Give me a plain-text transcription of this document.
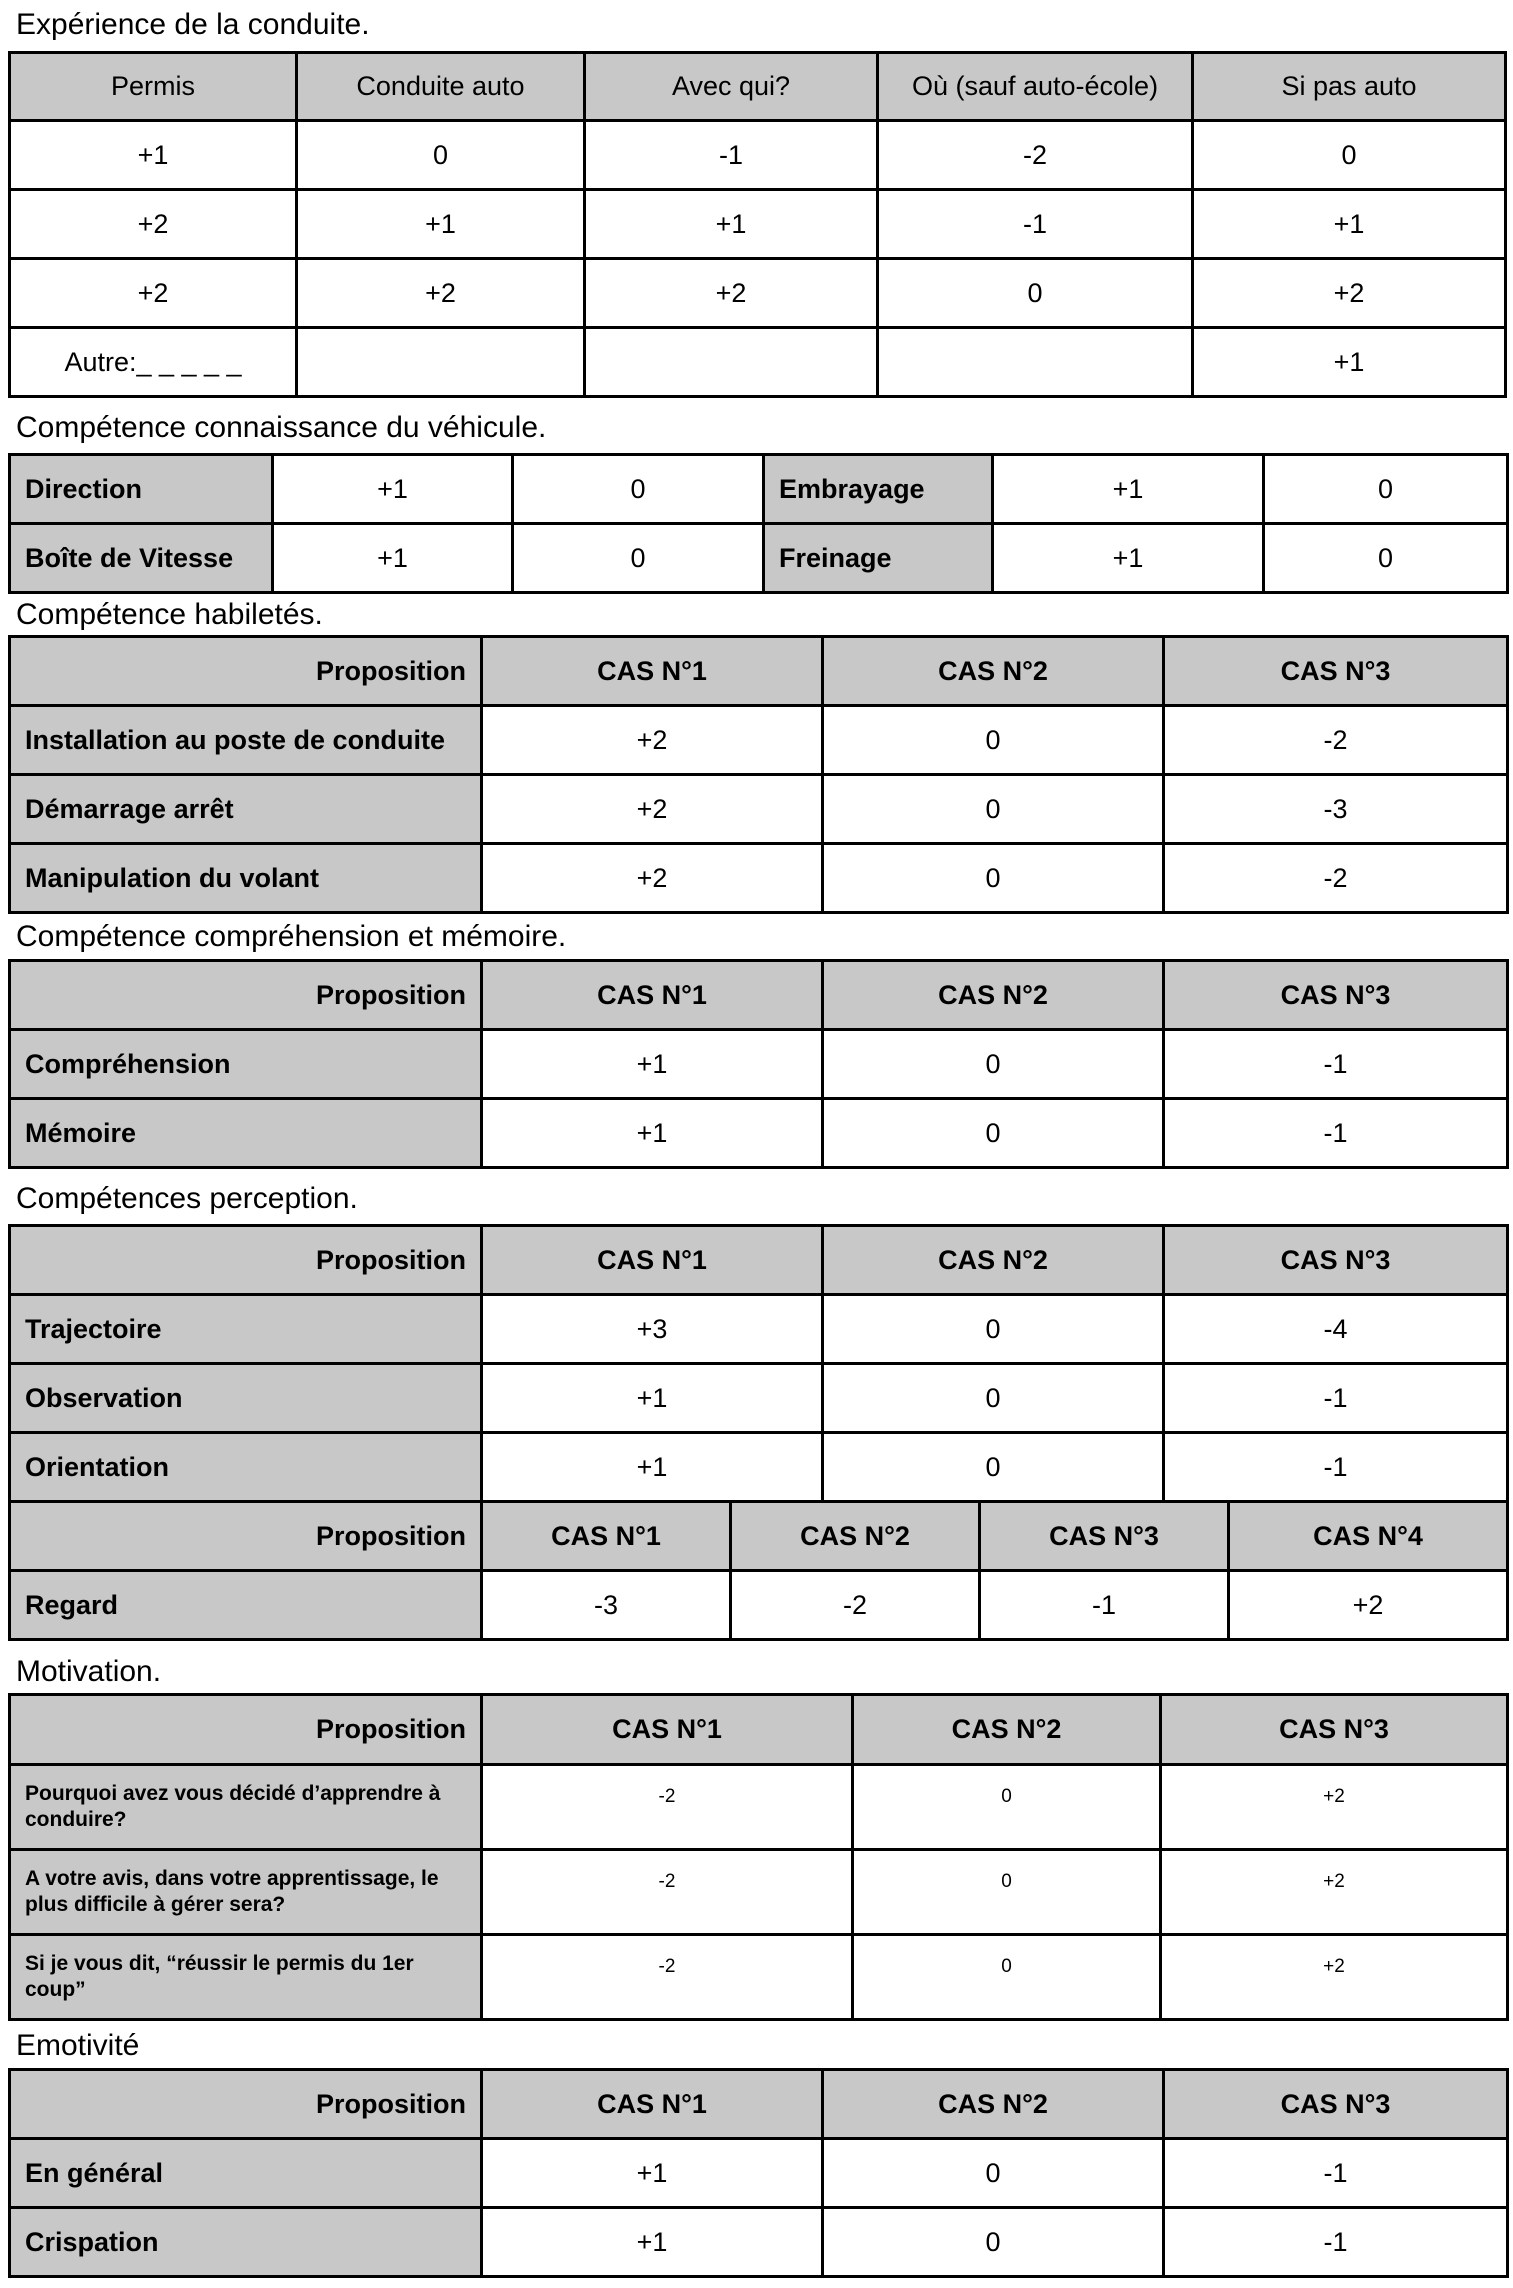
Expérience de la conduite.
Permis	Conduite auto	Avec qui?	Où (sauf auto-école)	Si pas auto
+1	0	-1	-2	0
+2	+1	+1	-1	+1
+2	+2	+2	0	+2
Autre:_ _ _ _ _				+1
Compétence connaissance du véhicule.
Direction	+1	0	Embrayage	+1	0
Boîte de Vitesse	+1	0	Freinage	+1	0
Compétence habiletés.
Proposition	CAS N°1	CAS N°2	CAS N°3
Installation au poste de conduite	+2	0	-2
Démarrage arrêt	+2	0	-3
Manipulation du volant	+2	0	-2
Compétence compréhension et mémoire.
Proposition	CAS N°1	CAS N°2	CAS N°3
Compréhension	+1	0	-1
Mémoire	+1	0	-1
Compétences perception.
Proposition	CAS N°1	CAS N°2	CAS N°3
Trajectoire	+3	0	-4
Observation	+1	0	-1
Orientation	+1	0	-1
Proposition	CAS N°1	CAS N°2	CAS N°3	CAS N°4
Regard	-3	-2	-1	+2
Motivation.
Proposition	CAS N°1	CAS N°2	CAS N°3
Pourquoi avez vous décidé d’apprendre à conduire?	-2	0	+2
A votre avis, dans votre apprentissage, le plus difficile à gérer sera?	-2	0	+2
Si je vous dit, “réussir le permis du 1er coup”	-2	0	+2
Emotivité
Proposition	CAS N°1	CAS N°2	CAS N°3
En général	+1	0	-1
Crispation	+1	0	-1
